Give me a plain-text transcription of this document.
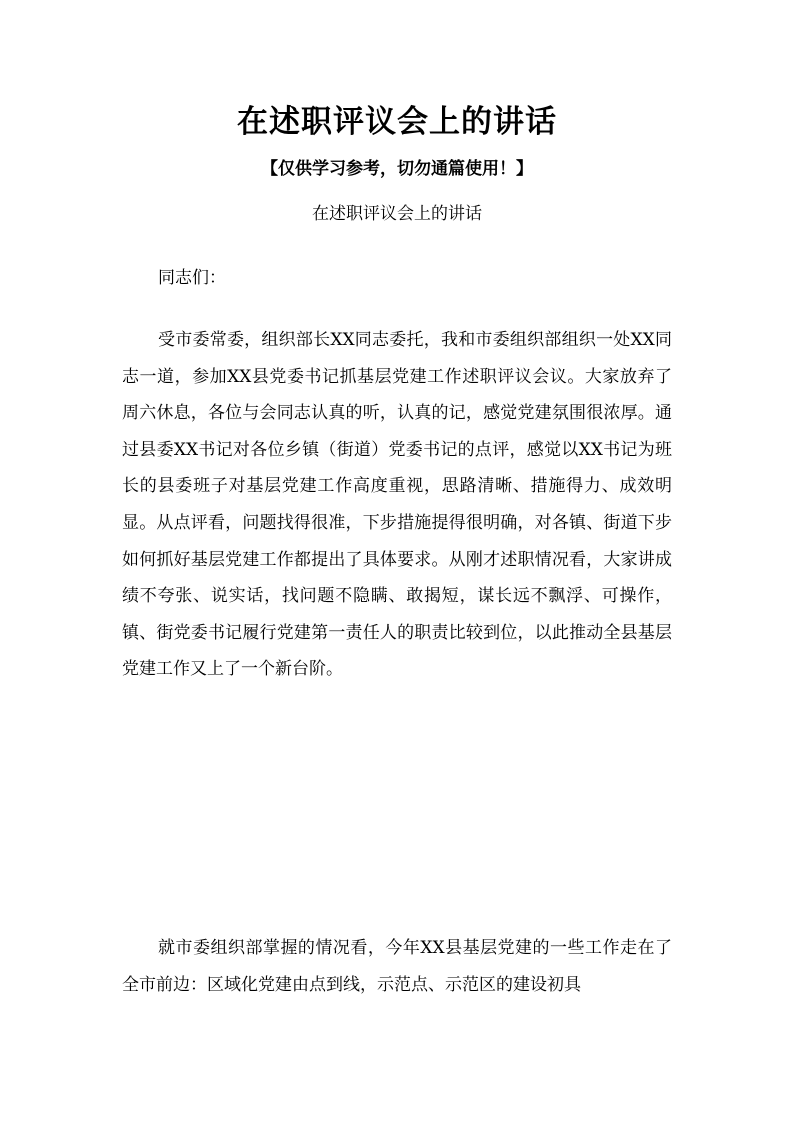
在述职评议会上的讲话
【仅供学习参考，切勿通篇使用！】
在述职评议会上的讲话
同志们：

受市委常委，组织部长XX同志委托，我和市委组织部组织一处XX同志一道，参加XX县党委书记抓基层党建工作述职评议会议。大家放弃了周六休息，各位与会同志认真的听，认真的记，感觉党建氛围很浓厚。通过县委XX书记对各位乡镇（街道）党委书记的点评，感觉以XX书记为班长的县委班子对基层党建工作高度重视，思路清晰、措施得力、成效明显。从点评看，问题找得很准，下步措施提得很明确，对各镇、街道下步如何抓好基层党建工作都提出了具体要求。从刚才述职情况看，大家讲成绩不夸张、说实话，找问题不隐瞒、敢揭短，谋长远不飘浮、可操作，镇、街党委书记履行党建第一责任人的职责比较到位，以此推动全县基层党建工作又上了一个新台阶。

就市委组织部掌握的情况看，今年XX县基层党建的一些工作走在了全市前边：区域化党建由点到线，示范点、示范区的建设初具
